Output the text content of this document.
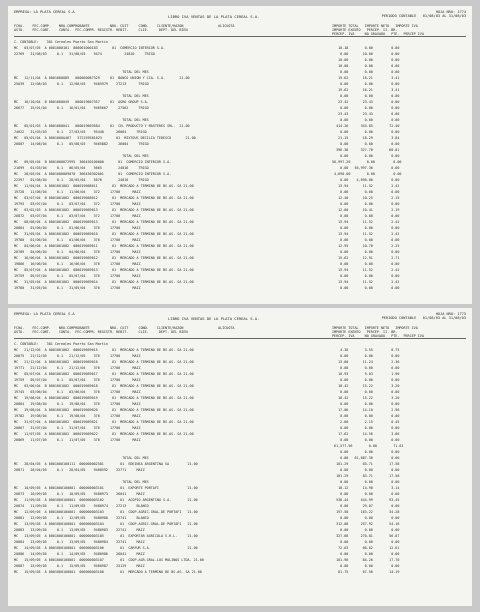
EMPRESA: LA PLATA CEREAL S.A

	HOJA NRO: 1774

LIBRO IVA VENTAS DE LA PLATA CEREAL S.A.	PERIODO CONTABLE   01/08/03 AL 31/08/03
FCHA.    FEC.COMP.    NRO.COMPROBANTE          NRO. CUIT     COND.    CLIENTE/RAZON                 ALICUOTA
ASTO.    FEC.CONT.    CONTA.  FEC.COMPR. REGISTR. REBIT.     CLIE.     DEPT. DEL BIEN
IMPORTE TOTAL   IMPORTE NETO   IMPORTE IVA
IMPORTE EXENTO   PERCEP. II. BR.
PERCEP. IVA     NO GRAVADO   PTE.  PERCEP IVA
C. CONTABLE:    301 Cereales Puerto San Martin
MC   03/07/05  A 0001000181  000001000183       01  COMERCIO INTERIOR S.A.	10.18        0.00         0.00
22769   31/08/03     0.1   31/08/03    9474           24810     TRIGO	0.00       10.00         0.00
10.00        0.00         0.00
10.00        0.00         0.00
TOTAL DEL MES	0.00        0.00         0.00
MC   12/11/04  A 0001000089   000000087329     01  BANCO UNION Y CIA. S.A.       21.00	19.62       16.21         3.41
25039   12/08/03     0.1   12/08/03    9465979    2T213      TRIGO	0.00        0.00         0.00
19.62       16.21         3.41
TOTAL DEL MES	0.00        0.00         0.00
MC   16/10/04  B 0001000049   000019667357     01  AGRO GROUP S.A.	23.42       23.43         0.00
26677   15/01/04     0.1   16/01/04    9465667     27562     TRIGO	0.00        0.00         0.00
23.43       23.43         0.00
TOTAL DEL MES	0.00        0.00         0.00
MC   05/01/03  A 0001000041   000019669584     01  CEL PRODUCTO Y MASTERES SRL.  21.00	414.26      343.85        72.40
74022   31/03/03     0.1   27/03/03    95440      26064     TRIGO	0.00        0.00         0.00
MC   05/01/04  A 0001000A467   372159581623       01  MIXTOUS DECILIA TEDESCO       21.00	21.15       18.29         3.84
20807   14/08/04     0.1   05/08/03    9465882     26004     TRIGO	0.00        0.00         0.00
396.38      327.70        68.81
TOTAL DEL MES	0.00        0.00         0.00
MC   09/05/04  B 0001000072995  366430100000       01  COMERCIO INTERIOR S.A.	56,997.26        0.00         0.00
21699   01/03/04     0.1   06/05/04    5665        24816     TRIGO	0.00   56,997.36         0.00
MC   28/05/04  A 0001000009070  366436302001       01  COMERCIO INTERIOR S.A.	4,690.00        0.00         0.00
22397   01/08/04     0.1   28/05/04    5676        24816     TRIGO	0.00    4,690.00         0.00
MC   11/04/04  A 0001001002  000019668611       01  MERCADO A TERMINO DE BS.AS. SA 21.00	13.94       11.52         2.42
19728   11/06/04     0.1   11/06/04    372     17700      MAIZ	0.00        0.00         0.00
MC   03/07/04  B 0001001002  000019668612       01  MERCADO A TERMINO DE BS.AS. SA 21.00	12.40       10.25         2.15
19793   03/07/04     0.1   03/07/04    372     17700      MAIZ	0.00        0.00         0.00
MC   03/02/03  A 0001001002  000019669613       01  MERCADO A TERMINO DE BS.AS. SA 21.00	12.60       10.41         2.19
20872   03/07/04     0.1   03/07/04    372     17700      MAIZ	0.00        0.00         0.00
MC   08/08/04  A 0001001002  000019669613       01  MERCADO A TERMINO DE BS.AS. SA 21.00	13.94       11.52         2.42
20864   01/06/04     0.1   01/06/04    376     17700      MAIZ	0.00        0.00         0.00
MC   31/05/04  A 0001001002  000019669610       01  MERCADO A TERMINO DE BS.AS. SA 21.00	13.94       11.52         2.42
19780   01/06/04     0.1   01/06/04    376     17700      MAIZ	0.00        0.00         0.00
MC   04/06/04  A 0001001002  000019669611       01  MERCADO A TERMINO DE BS.AS. SA 21.00	12.95       10.70         2.25
20789   04/06/04     0.1   04/06/04    376     17700      MAIZ	0.00        0.00         0.00
MC   16/06/04  A 0001001002  000019669612       01  MERCADO A TERMINO DE BS.AS. SA 21.00	15.62       12.91         2.71
19866   16/06/04     0.1   16/06/04    376     17700      MAIZ	0.00        0.00         0.00
MC   05/07/04  A 0001001002  000019669613       01  MERCADO A TERMINO DE BS.AS. SA 21.00	13.94       11.52         2.42
19759   05/07/04     0.1   05/07/04    376     17700      MAIZ	0.00        0.00         0.00
MC   31/05/04  A 0001001002  000019669614       01  MERCADO A TERMINO DE BS.AS. SA 21.00	13.94       11.52         2.42
19780   31/05/04     0.1   31/05/04    376     17700      MAIZ	0.00        0.00         0.00

EMPRESA: LA PLATA CEREAL S.A

	HOJA NRO: 1775

LIBRO IVA VENTAS DE LA PLATA CEREAL S.A.	PERIODO CONTABLE   01/08/03 AL 31/08/03
FCHA.    FEC.COMP.    NRO.COMPROBANTE          NRO. CUIT     COND.    CLIENTE/RAZON                 ALICUOTA
ASTO.    FEC.CONT.    CONTA.  FEC.COMPR. REGISTR. REBIT.     CLIE.     DEPT. DEL BIEN
IMPORTE TOTAL   IMPORTE NETO   IMPORTE IVA
IMPORTE EXENTO   PERCEP. II. BR.
PERCEP. IVA     NO GRAVADO   PTE.  PERCEP IVA
C. CONTABLE:    301 Cereales Puerto San Martin
MC   21/12/05  A 0001001002  000019669615       01  MERCADO A TERMINO DE BS.AS. SA 21.00	4.30        3.55         0.75
20875   21/12/05     0.1   21/12/05    376     17700      MAIZ	0.00        0.00         0.00
MC   21/12/04  A 0001001002  000019669616       01  MERCADO A TERMINO DE BS.AS. SA 21.00	13.60       11.24         2.36
19771   21/12/04     0.1   21/12/04    376     17700      MAIZ	0.00        0.00         0.00
MC   05/07/04  A 0001001002  000019669617       01  MERCADO A TERMINO DE BS.AS. SA 21.00	10.93        9.03         1.90
19759   05/07/04     0.1   05/07/04    376     17700      MAIZ	0.00        0.00         0.00
MC   03/06/04  B 0001001002  000019669618       01  MERCADO A TERMINO DE BS.AS. SA 21.00	18.42       15.22         3.20
19745   03/06/04     0.1   03/06/04    376     17700      MAIZ	0.00        0.00         0.00
MC   19/08/04  A 0001001002  000019669619       01  MERCADO A TERMINO DE BS.AS. SA 21.00	18.42       15.22         3.20
20864   19/08/04     0.1   19/08/04    376     17700      MAIZ	0.00        0.00         0.00
MC   19/08/04  A 0001001002  000019669620       01  MERCADO A TERMINO DE BS.AS. SA 21.00	17.06       14.10         2.96
19782   19/08/04     0.1   19/08/04    376     17700      MAIZ	0.00        0.00         0.00
MC   31/07/04  A 0001001002  000019669621       01  MERCADO A TERMINO DE BS.AS. SA 21.00	2.60        2.15         0.45
20867   31/07/04     0.1   31/07/04    376     17700      MAIZ	0.00        0.00         0.00
MC   11/07/05  A 0001001002  000019669622       01  MERCADO A TERMINO DE BS.AS. SA 21.00	17.62       14.56         3.06
20869   11/07/05     0.1   11/07/05    376     17700      MAIZ	0.00        0.00         0.00
61,577.56        0.00        71.61
0.00        0.00         0.00
TOTAL DEL MES	0.00   61,687.36         0.00
MC   28/04/05  A 0001000100111  000000002581        01  EDEINSA ARGENTINA SA         21.00	101.29       83.71        17.58
20871   28/04/05     0.1   28/04/05    9480592    22771     MAIZ	0.00        0.00         0.00
101.29       83.71        17.58
TOTAL DEL MES	0.00        0.00         0.00
MC   10/09/05  A 0001000100001  000000003101        01  EXPORTE PORTAFI              21.00	18.12       14.98         3.14
20873   10/09/05     0.1   10/09/05    9480973    26041     MAIZ	0.00        0.00         0.00
MC   11/09/05  A 0001000100001  000000003102        01  ACOPIO ARGENTINO S.A.        21.00	538.44      444.99        93.45
20874   11/09/05     0.1   11/09/05    9480974    27213     BLANCO	0.00       29.07         0.00
MC   12/09/05  A 0001000100001  000000003103        01  COOP.AGRIC.GRAL.DE PORTAFI   21.00	197.50      163.22        34.28
20881   12/09/05     0.1   12/09/05    9480980    22741     BLANCO	0.00        0.00         0.00
MC   13/09/05  A 0001000100001  000000003104        01  COOP.AGRIC.GRAL.DE PORTAFI   21.00	312.08      257.92        54.16
20883   13/09/05     0.1   13/09/05    9480983    22741     MAIZ	0.00        0.00         0.00
MC   13/09/05  A 0001000100001  000000003105        01  EXPORTAR AGRICOLA S.R.L.     21.00	327.68      270.81        56.87
20884   13/09/05     0.1   13/09/05    9480984    22741     MAIZ	0.00        0.00         0.00
MC   14/09/05  A 0001000100001  000000003106        01  CARFUR S.A.                  21.00	72.63       60.02        12.61
20886   14/09/05     0.1   14/09/05    9480986    26041     MAIZ	0.00        0.00         0.00
MC   15/09/05  A 0001000100001  000000003107        01  COOP.AGR.GRAL.LOS MOLINOS LTDA. 21.00	101.96       84.26        17.70
20887   15/09/05     0.1   15/09/05    9480987    25129     MAIZ	0.00        0.00         0.00
MC   15/09/05  A 0001000100001  000000003108        01  MERCADO A TERMINO DE BS.AS. SA 21.00	81.75       67.56        14.19
